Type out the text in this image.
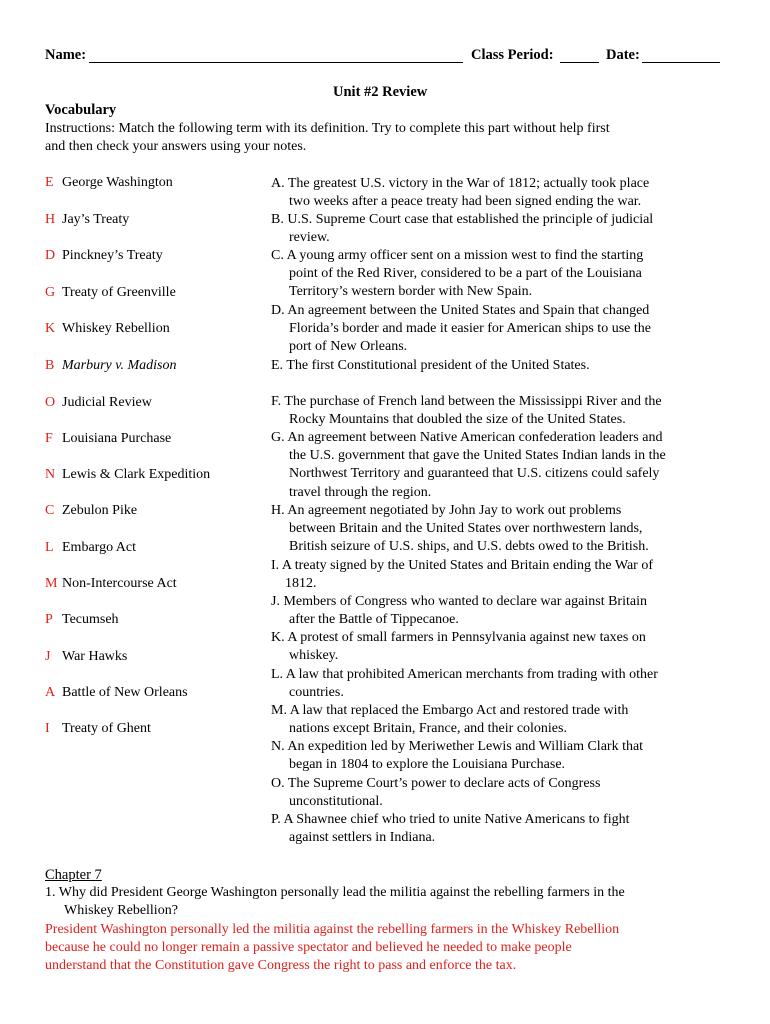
Name:	Class Period:	Date:
Unit #2 Review
Vocabulary
Instructions: Match the following term with its definition. Try to complete this part without help first
and then check your answers using your notes.
E George Washington
H Jay’s Treaty
D Pinckney’s Treaty
G Treaty of Greenville
K Whiskey Rebellion
B Marbury v. Madison
O Judicial Review
F Louisiana Purchase
N Lewis & Clark Expedition
C Zebulon Pike
L Embargo Act
M Non-Intercourse Act
P Tecumseh
J War Hawks
A Battle of New Orleans
I Treaty of Ghent
A. The greatest U.S. victory in the War of 1812; actually took place
two weeks after a peace treaty had been signed ending the war.
B. U.S. Supreme Court case that established the principle of judicial
review.
C. A young army officer sent on a mission west to find the starting
point of the Red River, considered to be a part of the Louisiana
Territory’s western border with New Spain.
D. An agreement between the United States and Spain that changed
Florida’s border and made it easier for American ships to use the
port of New Orleans.
E. The first Constitutional president of the United States.
F. The purchase of French land between the Mississippi River and the
Rocky Mountains that doubled the size of the United States.
G. An agreement between Native American confederation leaders and
the U.S. government that gave the United States Indian lands in the
Northwest Territory and guaranteed that U.S. citizens could safely
travel through the region.
H. An agreement negotiated by John Jay to work out problems
between Britain and the United States over northwestern lands,
British seizure of U.S. ships, and U.S. debts owed to the British.
I. A treaty signed by the United States and Britain ending the War of
1812.
J. Members of Congress who wanted to declare war against Britain
after the Battle of Tippecanoe.
K. A protest of small farmers in Pennsylvania against new taxes on
whiskey.
L. A law that prohibited American merchants from trading with other
countries.
M. A law that replaced the Embargo Act and restored trade with
nations except Britain, France, and their colonies.
N. An expedition led by Meriwether Lewis and William Clark that
began in 1804 to explore the Louisiana Purchase.
O. The Supreme Court’s power to declare acts of Congress
unconstitutional.
P. A Shawnee chief who tried to unite Native Americans to fight
against settlers in Indiana.
Chapter 7
1. Why did President George Washington personally lead the militia against the rebelling farmers in the
Whiskey Rebellion?
President Washington personally led the militia against the rebelling farmers in the Whiskey Rebellion
because he could no longer remain a passive spectator and believed he needed to make people
understand that the Constitution gave Congress the right to pass and enforce the tax.
